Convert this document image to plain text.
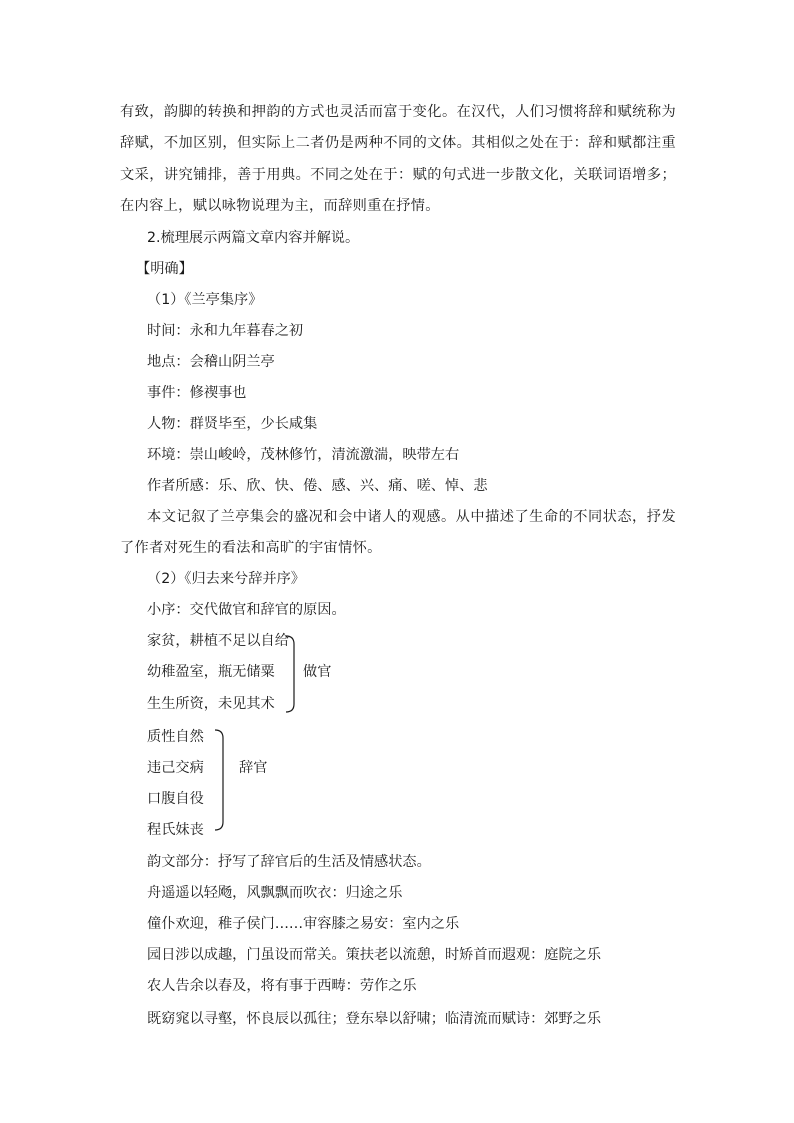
有致，韵脚的转换和押韵的方式也灵活而富于变化。在汉代，人们习惯将辞和赋统称为辞赋，不加区别，但实际上二者仍是两种不同的文体。其相似之处在于：辞和赋都注重文采，讲究铺排，善于用典。不同之处在于：赋的句式进一步散文化，关联词语增多；在内容上，赋以咏物说理为主，而辞则重在抒情。
2.梳理展示两篇文章内容并解说。
【明确】
（1）《兰亭集序》
时间：永和九年暮春之初
地点：会稽山阴兰亭
事件：修禊事也
人物：群贤毕至，少长咸集
环境：崇山峻岭，茂林修竹，清流激湍，映带左右
作者所感：乐、欣、快、倦、感、兴、痛、嗟、悼、悲
本文记叙了兰亭集会的盛况和会中诸人的观感。从中描述了生命的不同状态，抒发了作者对死生的看法和高旷的宇宙情怀。
（2）《归去来兮辞并序》
小序：交代做官和辞官的原因。
家贫，耕植不足以自给
幼稚盈室，瓶无储粟
生生所资，未见其术
做官
质性自然
违己交病
口腹自役
程氏妹丧
辞官
韵文部分：抒写了辞官后的生活及情感状态。
舟遥遥以轻飏，风飘飘而吹衣：归途之乐
僮仆欢迎，稚子侯门……审容膝之易安：室内之乐
园日涉以成趣，门虽设而常关。策扶老以流憩，时矫首而遐观：庭院之乐
农人告余以春及，将有事于西畴：劳作之乐
既窈窕以寻壑，怀良辰以孤往；登东皋以舒啸；临清流而赋诗：郊野之乐
